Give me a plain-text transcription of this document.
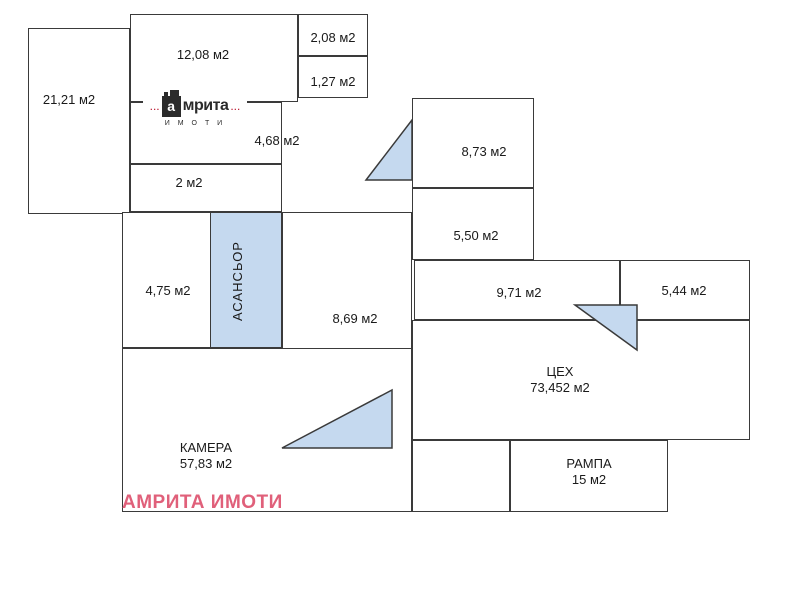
21,21 м2
12,08 м2
2,08 м2
1,27 м2
4,68 м2
2 м2
8,73 м2
5,50 м2
9,71 м2	5,44 м2
4,75 м2
8,69 м2
АСАНСЬОР
КАМЕРА
57,83 м2
ЦЕХ
73,452 м2
РАМПА
15 м2
... a мрита ...
И М О Т И
АМРИТА ИМОТИ
